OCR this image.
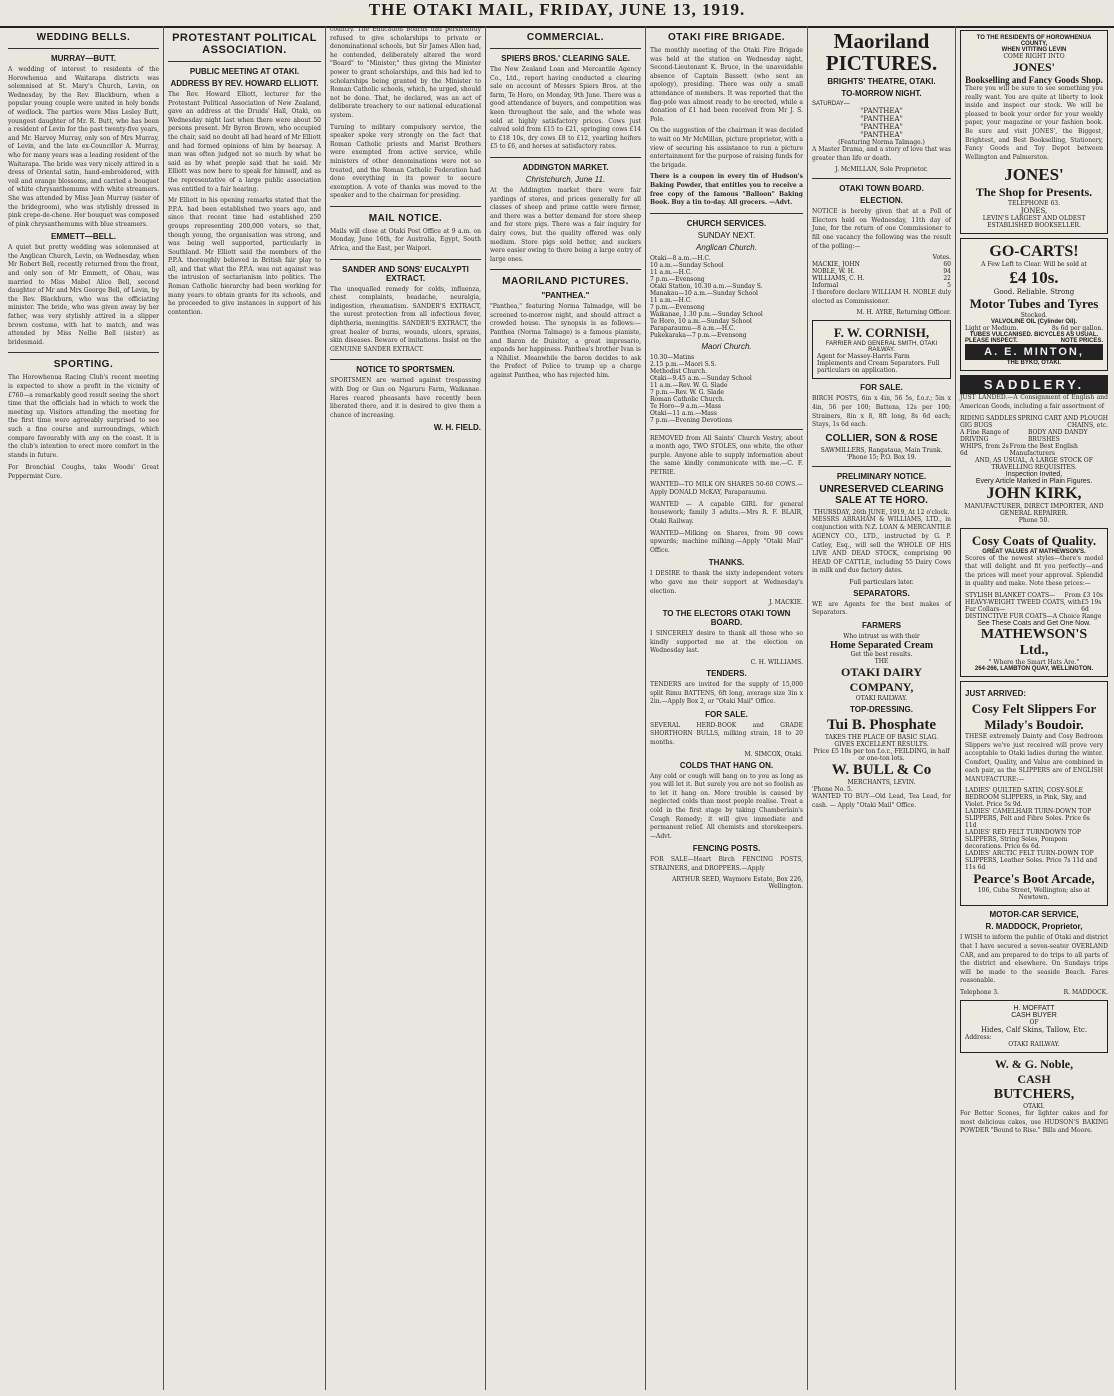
THE OTAKI MAIL, FRIDAY, JUNE 13, 1919.
WEDDING BELLS.
MURRAY—BUTT.

A wedding of interest to residents of the Horowhenua and Waitarapa districts was solemnised at St. Mary's Church, Levin, on Wednesday, by the Rev. Blackburn, when a popular young couple were united in holy bonds of wedlock. The parties were Miss Lesley Butt, youngest daughter of Mr. R. Butt, who has been a resident of Levin for the past twenty-five years, and Mr. Harvey Murray, only son of Mrs Murray, of Levin, and the late ex-Councillor A. Murray, who for many years was a leading resident of the Waitarapa. The bride was very nicely attired in a dress of Oriental satin, hand-embroidered, with veil and orange blossoms, and carried a bouquet of white chrysanthemums with white streamers. She was attended by Miss Jean Murray (sister of the bridegroom), who was stylishly dressed in pink crepe-de-chene. Her bouquet was composed of pink chrysanthemums with blue streamers.

EMMETT—BELL.

A quiet but pretty wedding was solemnised at the Anglican Church, Levin, on Wednesday, when Mr Robert Bell, recently returned from the front, and only son of Mr Emmett, of Ohau, was married to Miss Mabel Alice Bell, second daughter of Mr and Mrs George Bell, of Levin, by the Rev. Blackburn, who was the officiating minister. The bride, who was given away by her father, was very stylishly attired in a slipper brown costume, with hat to match, and was attended by Miss Nellie Bell (sister) as bridesmaid.

SPORTING.

The Horowhenua Racing Club's recent meeting is expected to show a profit in the vicinity of £760—a remarkably good result seeing the short time that the officials had in which to work the meeting up. Visitors attending the meeting for the first time were agreeably surprised to see such a fine course and surroundings, which compare favourably with any on the coast. It is the club's intention to erect more comfort in the stands in future.

For Bronchial Coughs, take Woods' Great Peppermint Cure.

PROTESTANT POLITICAL ASSOCIATION.
PUBLIC MEETING AT OTAKI.
ADDRESS BY REV. HOWARD ELLIOTT.

The Rev. Howard Elliott, lecturer for the Protestant Political Association of New Zealand, gave an address at the Druids' Hall, Otaki, on Wednesday night last when there were about 50 persons present. Mr Byron Brown, who occupied the chair, said no doubt all had heard of Mr Elliott and had formed opinions of him by hearsay. A man was often judged not so much by what he said as by what people said that he said. Mr Elliott was now here to speak for himself, and as the representative of a large public association was entitled to a fair hearing.

Mr Elliott in his opening remarks stated that the P.P.A. had been established two years ago, and since that recent time had established 250 groups representing 200,000 voters, so that, though young, the organisation was strong, and was being well supported, particularly in Southland. Mr Elliott said the members of the P.P.A. thoroughly believed in British fair play to all, and that what the P.P.A. was out against was the intrusion of sectarianism into politics. The Roman Catholic hierarchy had been working for many years to obtain grants for its schools, and he proceeded to give instances in support of his contention.

country. The Education Boards had persistently refused to give scholarships to private or denominational schools, but Sir James Allen had, he contended, deliberately altered the word "Board" to "Minister," thus giving the Minister power to grant scholarships, and this had led to scholarships being granted by the Minister to Roman Catholic schools, which, he urged, should not be done. That, he declared, was an act of deliberate treachery to our national educational system.

Turning to military compulsory service, the speaker spoke very strongly on the fact that Roman Catholic priests and Marist Brothers were exempted from active service, while ministers of other denominations were not so treated, and the Roman Catholic Federation had done everything in its power to secure exemption. A vote of thanks was moved to the speaker and to the chairman for presiding.

MAIL NOTICE.

Mails will close at Otaki Post Office at 9 a.m. on Monday, June 16th, for Australia, Egypt, South Africa, and the East, per Waipori.

SANDER AND SONS' EUCALYPTI EXTRACT.

The unequalled remedy for colds, influenza, chest complaints, headache, neuralgia, indigestion, rheumatism. SANDER'S EXTRACT, the surest protection from all infectious fever, diphtheria, meningitis. SANDER'S EXTRACT, the great healer of burns, wounds, ulcers, sprains, skin diseases. Beware of imitations. Insist on the GENUINE SANDER EXTRACT.

NOTICE TO SPORTSMEN.

SPORTSMEN are warned against trespassing with Dog or Gun on Ngaruru Farm, Waikanae. Hares reared pheasants have recently been liberated there, and it is desired to give them a chance of increasing.

W. H. FIELD.
COMMERCIAL.
SPIERS BROS.' CLEARING SALE.

The New Zealand Loan and Mercantile Agency Co., Ltd., report having conducted a clearing sale on account of Messrs Spiers Bros. at the farm, Te Horo, on Monday, 9th June. There was a good attendance of buyers, and competition was keen throughout the sale, and the whole was sold at highly satisfactory prices. Cows just calved sold from £15 to £21, springing cows £14 to £18 10s, dry cows £8 to £12, yearling heifers £5 to £6, and horses at satisfactory rates.

ADDINGTON MARKET.
Christchurch, June 11.

At the Addington market there were fair yardings of stores, and prices generally for all classes of sheep and prime cattle were firmer, and there was a better demand for store sheep and for store pigs. There was a fair inquiry for dairy cows, but the quality offered was only medium. Store pigs sold better, and suckers were easier owing to there being a large entry of large ones.

MAORILAND PICTURES.
"PANTHEA."

"Panthea," featuring Norma Talmadge, will be screened to-morrow night, and should attract a crowded house. The synopsis is as follows:—Panthea (Norma Talmage) is a famous pianiste, and Baron de Duisitor, a great impresario, expands her happiness. Panthea's brother Ivan is a Nihilist. Meanwhile the baron decides to ask the Prefect of Police to trump up a charge against Panthea, who has rejected him.

OTAKI FIRE BRIGADE.

The monthly meeting of the Otaki Fire Brigade was held at the station on Wednesday night, Second-Lieutenant K. Bruce, in the unavoidable absence of Captain Bassett (who sent an apology), presiding. There was only a small attendance of members. It was reported that the flag-pole was almost ready to be erected, while a donation of £1 had been received from Mr J. S. Pole.

On the suggestion of the chairman it was decided to wait on Mr McMillan, picture proprietor, with a view of securing his assistance to run a picture entertainment for the purpose of raising funds for the brigade.

There is a coupon in every tin of Hudson's Baking Powder, that entitles you to receive a free copy of the famous "Balloon" Baking Book. Buy a tin to-day. All grocers. —Advt.

CHURCH SERVICES.
SUNDAY NEXT.
Anglican Church.
Otaki—8 a.m.—H.C.
10 a.m.—Sunday School
11 a.m.—H.C.
7 p.m.—Evensong
Otaki Station, 10.30 a.m.—Sunday S.
Manakau—10 a.m.—Sunday School
11 a.m.—H.C.
7 p.m.—Evensong
Waikanae, 1.30 p.m.—Sunday School
Te Horo, 10 a.m.—Sunday School
Paraparaumu—8 a.m.—H.C.
Pukekaraka—7 p.m.—Evensong
Maori Church.
10.30—Matins
2.15 p.m.—Maori S.S.
Methodist Church.
Otaki—9.45 a.m.—Sunday School
11 a.m.—Rev. W. G. Slade
7 p.m.—Rev. W. G. Slade
Roman Catholic Church.
Te Horo—9 a.m.—Mass
Otaki—11 a.m.—Mass
7 p.m.—Evening Devotions

REMOVED from All Saints' Church Vestry, about a month ago, TWO STOLES, one white, the other purple. Anyone able to supply information about the same kindly communicate with me.—C. F. PETRIE.

WANTED—TO MILK ON SHARES 50-60 COWS.—Apply DONALD McKAY, Paraparaumu.

WANTED — A capable GIRL for general housework; family 3 adults.—Mrs R. F. BLAIR, Otaki Railway.

WANTED—Milking on Shares, from 90 cows upwards; machine milking.—Apply "Otaki Mail" Office.

THANKS.

I DESIRE to thank the sixty independent voters who gave me their support at Wednesday's election.

J. MACKIE.
TO THE ELECTORS OTAKI TOWN BOARD.

I SINCERELY desire to thank all those who so kindly supported me at the election on Wednesday last.

C. H. WILLIAMS.
TENDERS.

TENDERS are invited for the supply of 15,000 split Rimu BATTENS, 6ft long, average size 3in x 2in.—Apply Box 2, or "Otaki Mail" Office.

FOR SALE.

SEVERAL HERD-BOOK and GRADE SHORTHORN BULLS, milking strain, 18 to 20 months.

M. SIMCOX, Otaki.
COLDS THAT HANG ON.

Any cold or cough will hang on to you as long as you will let it. But surely you are not so foolish as to let it hang on. More trouble is caused by neglected colds than most people realise. Treat a cold in the first stage by taking Chamberlain's Cough Remedy; it will give immediate and permanent relief. All chemists and storekeepers.—Advt.

FENCING POSTS.

FOR SALE—Heart Birch FENCING POSTS, STRAINERS, and DROPPERS.—Apply

ARTHUR SEED, Waymore Estate, Box 226, Wellington.
Maoriland PICTURES.
BRIGHTS' THEATRE, OTAKI.
TO-MORROW NIGHT.
SATURDAY—
"PANTHEA"
"PANTHEA"
"PANTHEA"
"PANTHEA"
(Featuring Norma Talmage.)

A Master Drama, and a story of love that was greater than life or death.

J. McMILLAN, Sole Proprietor.
OTAKI TOWN BOARD.
ELECTION.

NOTICE is hereby given that at a Poll of Electors held on Wednesday, 11th day of June, for the return of one Commissioner to fill one vacancy the following was the result of the polling:—

Votes.
MACKIE, JOHN	60
NOBLE, W. H.	94
WILLIAMS, C. H.	22
Informal	5

I therefore declare WILLIAM H. NOBLE duly elected as Commissioner.

M. H. AYRE, Returning Officer.
F. W. CORNISH,
FARRIER AND GENERAL SMITH, OTAKI RAILWAY.
Agent for Massey-Harris Farm Implements and Cream Separators. Full particulars on application.
FOR SALE.

BIRCH POSTS, 6in x 4in, 56 5s, f.o.r.; 5in x 4in, 56 per 100; Battens, 12s per 100; Strainers, 8in x 8, 8ft long, 8s 6d each; Stays, 1s 6d each.

COLLIER, SON & ROSE
SAWMILLERS, Rangataua, Main Trunk.
'Phone 15; P.O. Box 19.
PRELIMINARY NOTICE.
UNRESERVED CLEARING SALE AT TE HORO.
THURSDAY, 26th JUNE, 1919, At 12 o'clock.

MESSRS ABRAHAM & WILLIAMS, LTD., in conjunction with N.Z. LOAN & MERCANTILE AGENCY CO., LTD., instructed by G. P. Catley, Esq., will sell the WHOLE OF HIS LIVE AND DEAD STOCK, comprising 90 HEAD OF CATTLE, including 55 Dairy Cows in milk and due factory dates.

Full particulars later.
SEPARATORS.

WE are Agents for the best makes of Separators.

FARMERS
Who intrust us with their
Home Separated Cream
Get the best results.
THE
OTAKI DAIRY COMPANY,
OTAKI RAILWAY.
TOP-DRESSING.
Tui B. Phosphate
TAKES THE PLACE OF BASIC SLAG.
GIVES EXCELLENT RESULTS.
Price £5 10s per ton f.o.r., FEILDING, in half or one-ton lots.
W. BULL & Co
MERCHANTS, LEVIN.
'Phone No. 5.

WANTED TO BUY—Old Lead, Tea Lead, for cash. — Apply "Otaki Mail" Office.

TO THE RESIDENTS OF HOROWHENUA COUNTY,
WHEN VITITING LEVIN
COME RIGHT INTO
JONES'
Bookselling and Fancy Goods Shop.

There you will be sure to see something you really want. You are quite at liberty to look inside and inspect our stock. We will be pleased to book your order for your weekly paper, your magazine or your fashion book. Be sure and visit JONES', the Biggest, Brightest, and Best Bookselling, Stationery, Fancy Goods and Toy Depot between Wellington and Palmerston.

JONES'
The Shop for Presents.
TELEPHONE 63.
JONES,
LEVIN'S LARGEST AND OLDEST ESTABLISHED BOOKSELLER.
GO-CARTS!
A Few Left to Clear. Will be sold at
£4 10s.
Good. Reliable. Strong
Motor Tubes and Tyres
Stocked.
VALVOLINE OIL (Cylinder Oil).
Light or Medium.	8s 6d per gallon.
TUBES VULCANISED. BICYCLES AS USUAL.
PLEASE INSPECT.	NOTE PRICES.
A. E. MINTON,
THE BYKO, OTAKI.
SADDLERY.

JUST LANDED.—A Consignment of English and American Goods, including a fair assortment of

RIDING SADDLES SPRING CART AND PLOUGH
GIG BUGS	CHAINS, etc.
A Fine Range of DRIVING
BODY AND DANDY BRUSHES
WHIPS, from 2s 6d
From the Best English Manufacturers
AND, AS USUAL, A LARGE STOCK OF TRAVELLING REQUISITES.
Inspection Invited,
Every Article Marked in Plain Figures.
JOHN KIRK,
MANUFACTURER, DIRECT IMPORTER, AND GENERAL REPAIRER.
Phone 50.
Cosy Coats of Quality.
GREAT VALUES AT MATHEWSON'S.

Scores of the newest styles—there's model that will delight and fit you perfectly—and the prices will meet your approval. Splendid in quality and make. Note these prices:—

STYLISH BLANKET COATS— From £3 10s
HEAVY-WEIGHT TWEED COATS, with Fur Collars—
£5 19s 6d
DISTINCTIVE FUR COATS—A Choice Range
See These Coats and Get One Now.
MATHEWSON'S Ltd.,
" Where the Smart Hats Are."
264-266, LAMBTON QUAY, WELLINGTON.
JUST ARRIVED:
Cosy Felt Slippers For Milady's Boudoir.

THESE extremely Dainty and Cosy Bedroom Slippers we've just received will prove very acceptable to Otaki ladies during the winter. Comfort, Quality, and Value are combined in each pair, as the SLIPPERS are of ENGLISH MANUFACTURE:—

LADIES' QUILTED SATIN, COSY-SOLE BEDROOM SLIPPERS, in Pink, Sky, and Violet. Price 5s 9d.
LADIES' CAMELHAIR TURN-DOWN TOP SLIPPERS, Felt and Fibre Soles. Price 6s 11d
LADIES' RED FELT TURNDOWN TOP SLIPPERS, String Soles, Pompom decorations. Price 6s 6d.
LADIES' ARCTIC FELT TURN-DOWN TOP SLIPPERS, Leather Soles. Price 7s 11d and 11s 6d
Pearce's Boot Arcade,
106, Cuba Street, Wellington; also at Newtown.
MOTOR-CAR SERVICE,
R. MADDOCK, Proprietor,

I WISH to inform the public of Otaki and district that I have secured a seven-seater OVERLAND CAR, and am prepared to do trips to all parts of the district and elsewhere. On Sundays trips will be made to the seaside Beach. Fares reasonable.

Telephone 3.	R. MADDOCK.
H. MOFFATT
CASH BUYER
OF
Hides, Calf Skins, Tallow, Etc.
Address:
OTAKI RAILWAY.
W. & G. Noble,
CASH
BUTCHERS,
OTAKI.

For Better Scones, for lighter cakes and for most delicious cakes, use HUDSON'S BAKING POWDER "Bound to Rise." Bills and Moore.
